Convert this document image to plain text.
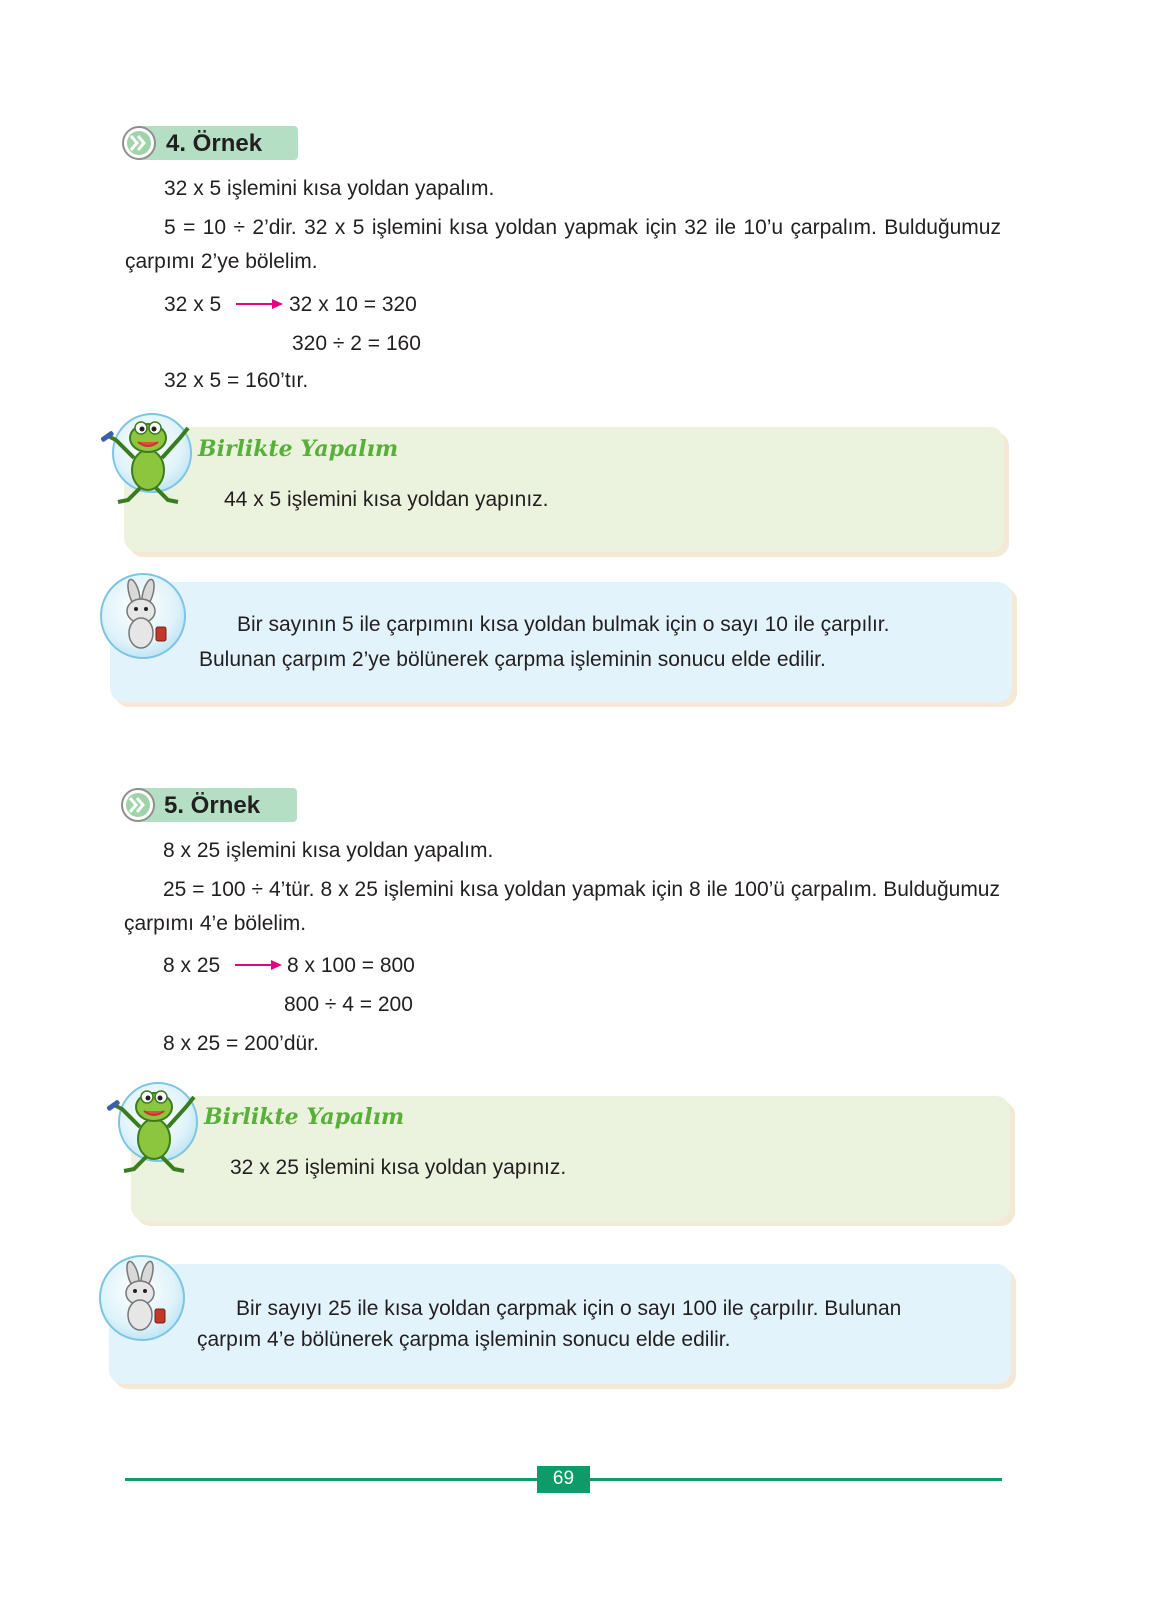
4. Örnek
32 x 5 işlemini kısa yoldan yapalım.
5 = 10 ÷ 2’dir. 32 x 5 işlemini kısa yoldan yapmak için 32 ile 10’u çarpalım. Bulduğumuz çarpımı 2’ye bölelim.
32 x 5	32 x 10 = 320
320 ÷ 2 = 160
32 x 5 = 160’tır.
Birlikte Yapalım
44 x 5 işlemini kısa yoldan yapınız.
Bir sayının 5 ile çarpımını kısa yoldan bulmak için o sayı 10 ile çarpılır.
Bulunan çarpım 2’ye bölünerek çarpma işleminin sonucu elde edilir.
5. Örnek
8 x 25 işlemini kısa yoldan yapalım.
25 = 100 ÷ 4’tür. 8 x 25 işlemini kısa yoldan yapmak için 8 ile 100’ü çarpalım. Bulduğumuz çarpımı 4’e bölelim.
8 x 25	8 x 100 = 800
800 ÷ 4 = 200
8 x 25 = 200’dür.
Birlikte Yapalım
32 x 25 işlemini kısa yoldan yapınız.
Bir sayıyı 25 ile kısa yoldan çarpmak için o sayı 100 ile çarpılır. Bulunan
çarpım 4’e bölünerek çarpma işleminin sonucu elde edilir.
69
